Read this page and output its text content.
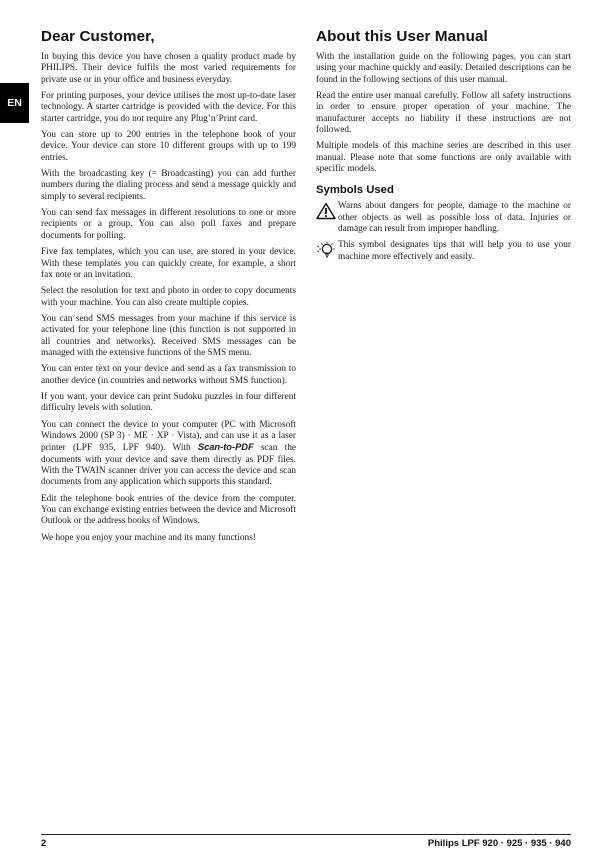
EN
Dear Customer,

In buying this device you have chosen a quality product made by PHILIPS. Their device fulfils the most varied requirements for private use or in your office and business everyday.

For printing purposes, your device utilises the most up-to-date laser technology. A starter cartridge is provided with the device. For this starter cartridge, you do not require any Plug’n’Print card.

You can store up to 200 entries in the telephone book of your device. Your device can store 10 different groups with up to 199 entries.

With the broadcasting key (= Broadcasting) you can add further numbers during the dialing process and send a message quickly and simply to several recipients.

You can send fax messages in different resolutions to one or more recipients or a group. You can also poll faxes and prepare documents for polling.

Five fax templates, which you can use, are stored in your device. With these templates you can quickly create, for example, a short fax note or an invitation.

Select the resolution for text and photo in order to copy documents with your machine. You can also create multiple copies.

You can send SMS messages from your machine if this service is activated for your telephone line (this function is not supported in all countries and networks). Received SMS messages can be managed with the extensive functions of the SMS menu.

You can enter text on your device and send as a fax transmission to another device (in countries and networks without SMS function).

If you want, your device can print Sudoku puzzles in four different difficulty levels with solution.

You can connect the device to your computer (PC with Microsoft Windows 2000 (SP 3) · ME · XP · Vista), and can use it as a laser printer (LPF 935, LPF 940). With Scan-to-PDF scan the documents with your device and save them directly as PDF files. With the TWAIN scanner driver you can access the device and scan documents from any application which supports this standard.

Edit the telephone book entries of the device from the computer. You can exchange existing entries between the device and Microsoft Outlook or the address books of Windows.

We hope you enjoy your machine and its many functions!

About this User Manual

With the installation guide on the following pages, you can start using your machine quickly and easily. Detailed descriptions can be found in the following sections of this user manual.

Read the entire user manual carefully. Follow all safety instructions in order to ensure proper operation of your machine. The manufacturer accepts no liability if these instructions are not followed.

Multiple models of this machine series are described in this user manual. Please note that some functions are only available with specific models.

Symbols Used

Warns about dangers for people, damage to the machine or other objects as well as possible loss of data. Injuries or damage can result from improper handling.

This symbol designates tips that will help you to use your machine more effectively and easily.

2	Philips LPF 920 · 925 · 935 · 940
